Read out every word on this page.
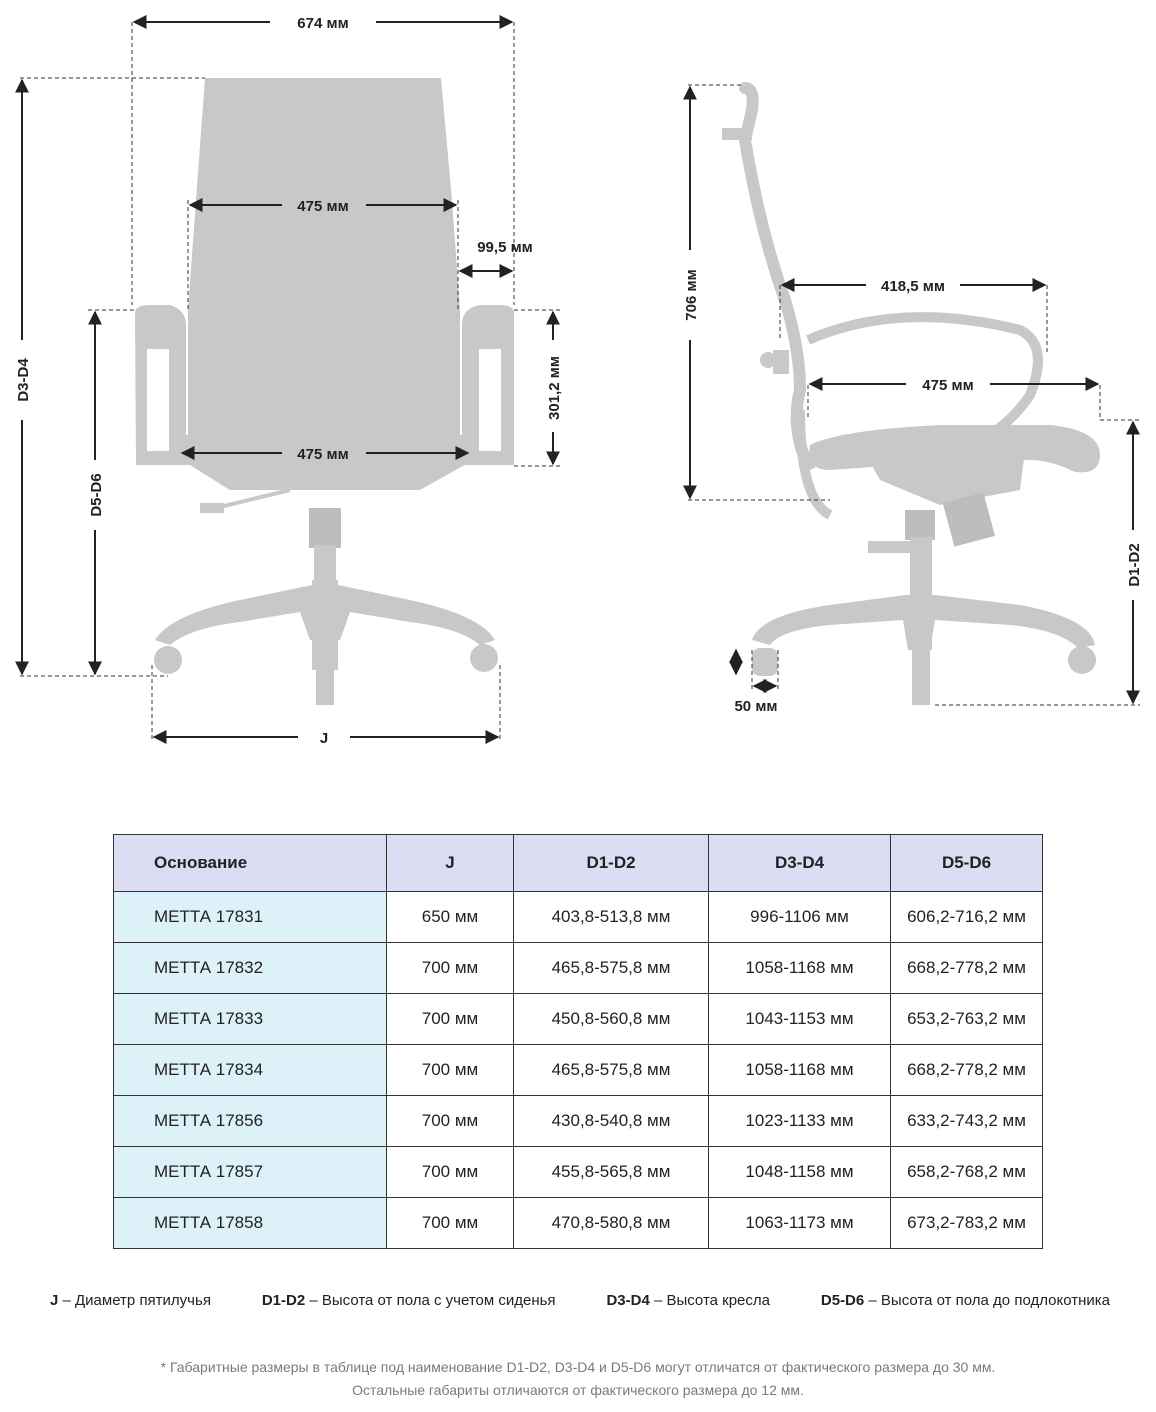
674 мм
475 мм
99,5 мм
475 мм
301,2 мм
D3-D4
D5-D6
J
706 мм	418,5 мм
475 мм
D1-D2
50 мм
Основание	J	D1-D2	D3-D4	D5-D6
МЕТТА 17831	650 мм	403,8-513,8 мм	996-1106 мм	606,2-716,2 мм
МЕТТА 17832	700 мм	465,8-575,8 мм	1058-1168 мм	668,2-778,2 мм
МЕТТА 17833	700 мм	450,8-560,8 мм	1043-1153 мм	653,2-763,2 мм
МЕТТА 17834	700 мм	465,8-575,8 мм	1058-1168 мм	668,2-778,2 мм
МЕТТА 17856	700 мм	430,8-540,8 мм	1023-1133 мм	633,2-743,2 мм
МЕТТА 17857	700 мм	455,8-565,8 мм	1048-1158 мм	658,2-768,2 мм
МЕТТА 17858	700 мм	470,8-580,8 мм	1063-1173 мм	673,2-783,2 мм
J – Диаметр пятилучья	D1-D2 – Высота от пола с учетом сиденья	D3-D4 – Высота кресла	D5-D6 – Высота от пола до подлокотника
* Габаритные размеры в таблице под наименование D1-D2, D3-D4 и D5-D6 могут отличатся от фактического размера до 30 мм.
Остальные габариты отличаются от фактического размера до 12 мм.
